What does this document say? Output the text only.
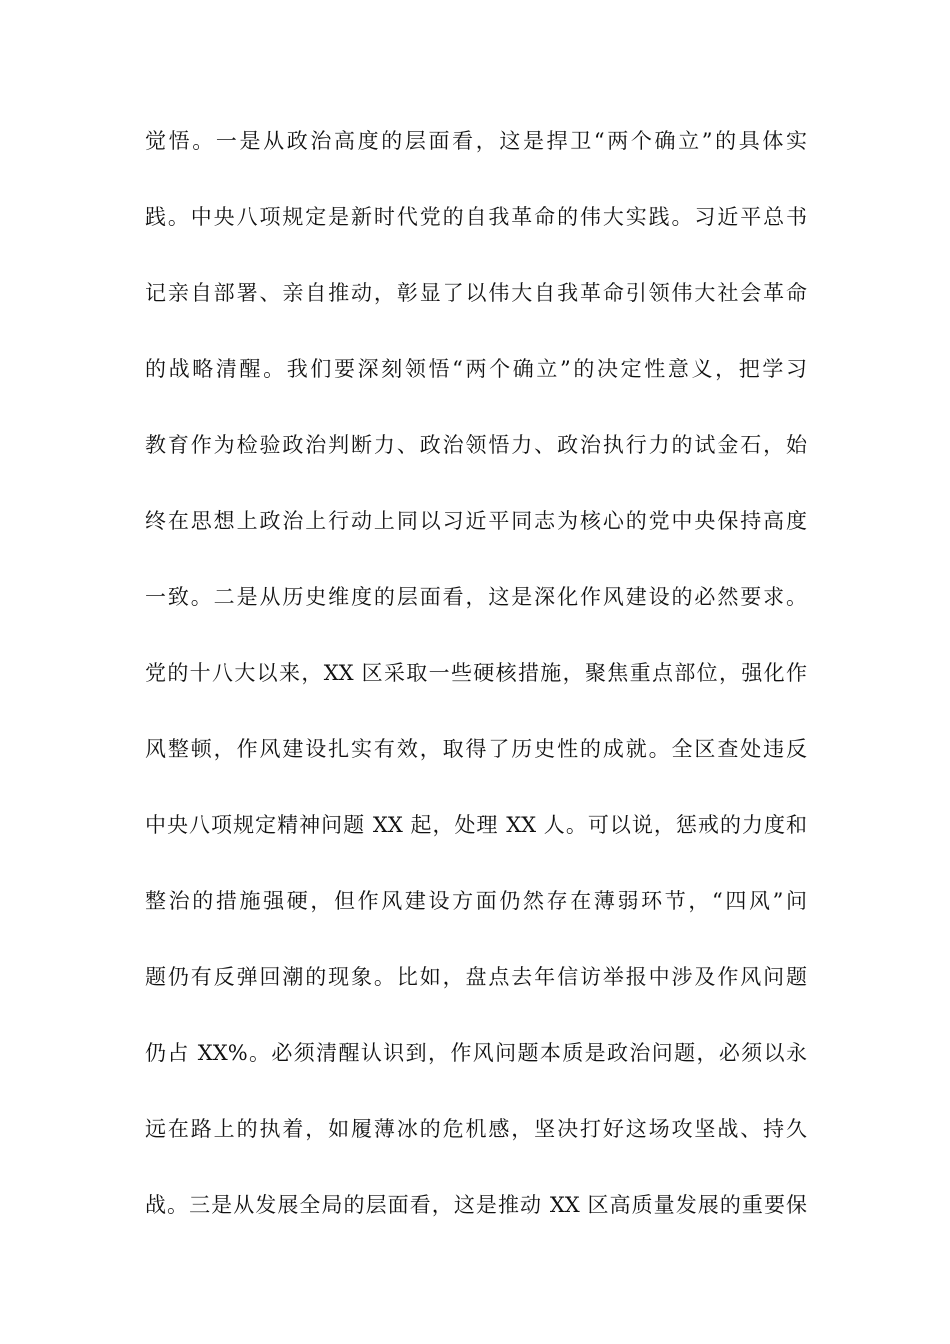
觉悟。一是从政治高度的层面看，这是捍卫“两个确立”的具体实
践。中央八项规定是新时代党的自我革命的伟大实践。习近平总书
记亲自部署、亲自推动，彰显了以伟大自我革命引领伟大社会革命
的战略清醒。我们要深刻领悟“两个确立”的决定性意义，把学习
教育作为检验政治判断力、政治领悟力、政治执行力的试金石，始
终在思想上政治上行动上同以习近平同志为核心的党中央保持高度
一致。二是从历史维度的层面看，这是深化作风建设的必然要求。
党的十八大以来，XX 区采取一些硬核措施，聚焦重点部位，强化作
风整顿，作风建设扎实有效，取得了历史性的成就。全区查处违反
中央八项规定精神问题 XX 起，处理 XX 人。可以说，惩戒的力度和
整治的措施强硬，但作风建设方面仍然存在薄弱环节，“四风”问
题仍有反弹回潮的现象。比如，盘点去年信访举报中涉及作风问题
仍占 XX%。必须清醒认识到，作风问题本质是政治问题，必须以永
远在路上的执着，如履薄冰的危机感，坚决打好这场攻坚战、持久
战。三是从发展全局的层面看，这是推动 XX 区高质量发展的重要保
